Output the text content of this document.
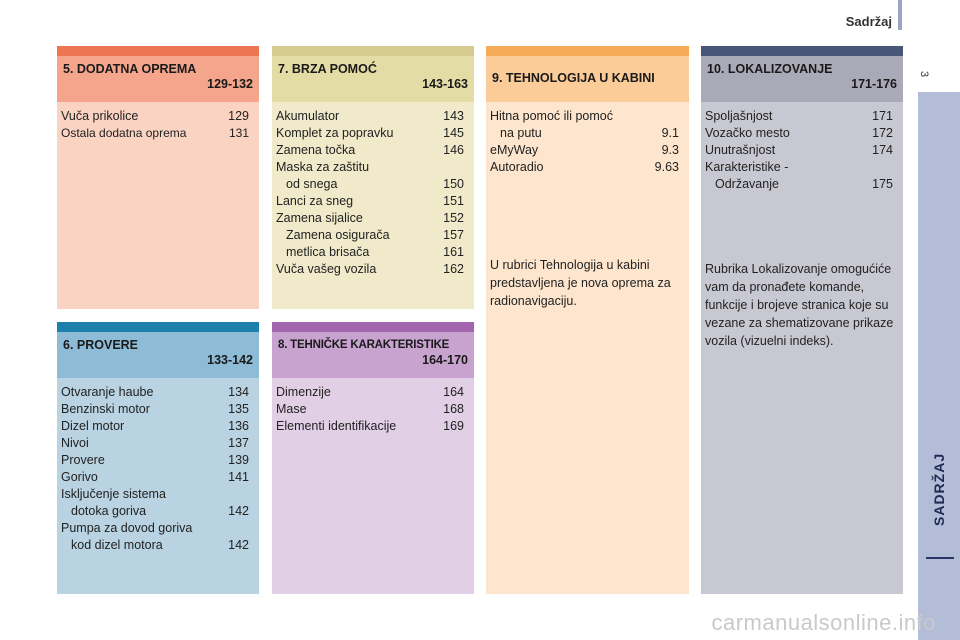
Sadržaj
3
SADRŽAJ
5. DODATNA OPREMA
129-132
Vuča prikolice	129
Ostala dodatna oprema	131
7. BRZA POMOĆ
143-163
Akumulator	143
Komplet za popravku	145
Zamena točka	146
Maska za zaštitu
od snega	150
Lanci za sneg	151
Zamena sijalice	152
Zamena osigurača	157
metlica brisača	161
Vuča vašeg vozila	162
9. TEHNOLOGIJA U KABINI
Hitna pomoć ili pomoć
na putu	9.1
eMyWay	9.3
Autoradio	9.63
U rubrici Tehnologija u kabini predstavljena je nova oprema za radionavigaciju.
10. LOKALIZOVANJE
171-176
Spoljašnjost	171
Vozačko mesto	172
Unutrašnjost	174
Karakteristike -
Održavanje	175
Rubrika Lokalizovanje omogućiće vam da pronađete komande, funkcije i brojeve stranica koje su vezane za shematizovane prikaze vozila (vizuelni indeks).
6. PROVERE
133-142
Otvaranje haube	134
Benzinski motor	135
Dizel motor	136
Nivoi	137
Provere	139
Gorivo	141
Isključenje sistema
dotoka goriva	142
Pumpa za dovod goriva
kod dizel motora	142
8. TEHNIČKE KARAKTERISTIKE
164-170
Dimenzije	164
Mase	168
Elementi identifikacije	169
carmanualsonline.info
